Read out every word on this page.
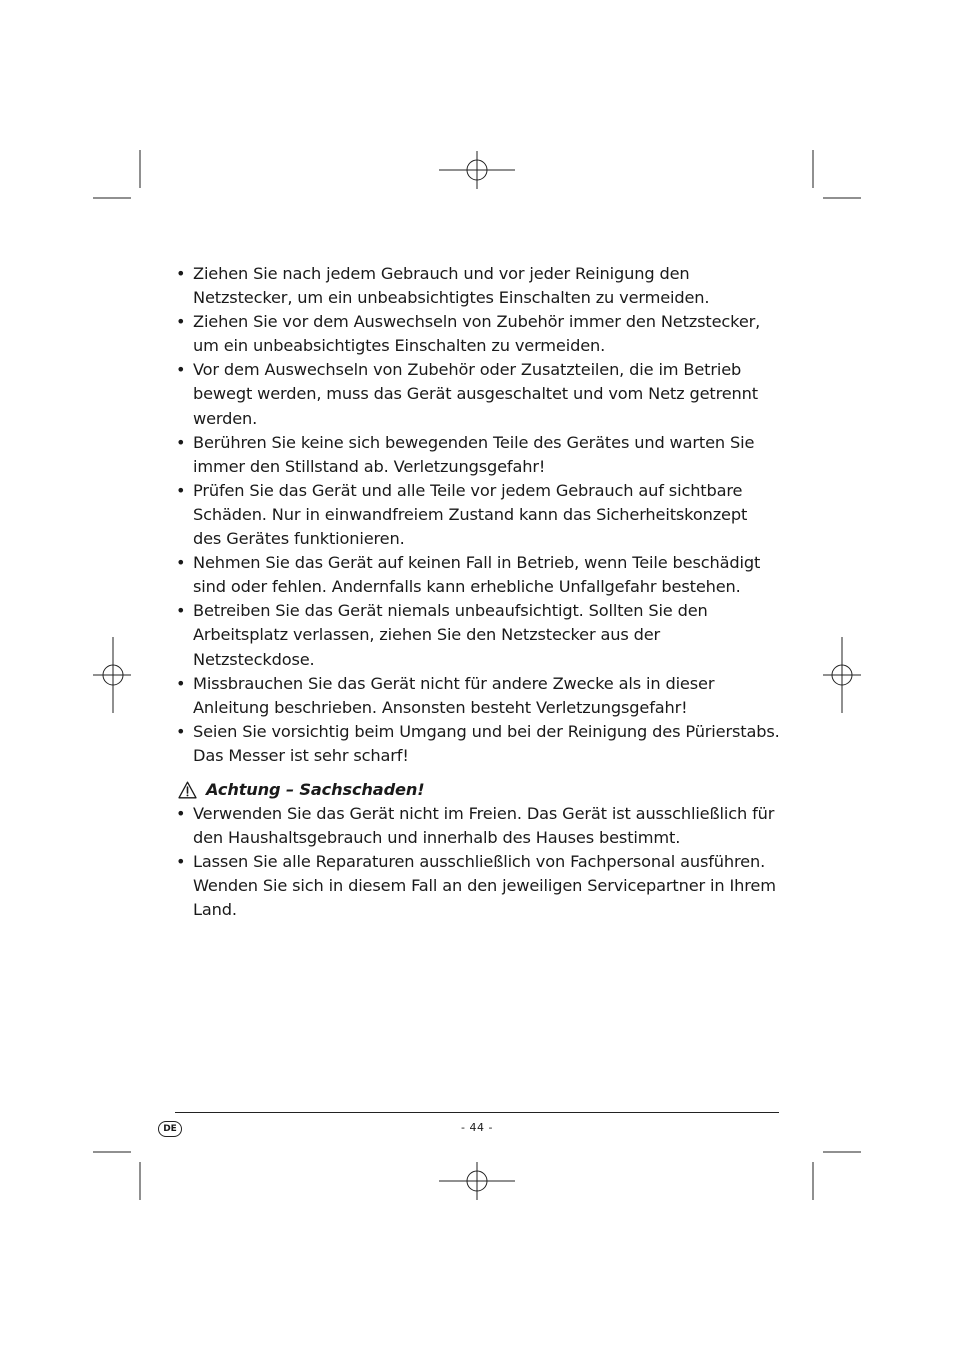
• Ziehen Sie nach jedem Gebrauch und vor jeder Reinigung den Netzstecker, um ein unbeabsichtigtes Einschalten zu vermeiden.
• Ziehen Sie vor dem Auswechseln von Zubehör immer den Netzstecker, um ein unbeabsichtigtes Einschalten zu vermeiden.
• Vor dem Auswechseln von Zubehör oder Zusatzteilen, die im Betrieb bewegt werden, muss das Gerät ausgeschaltet und vom Netz getrennt werden.
• Berühren Sie keine sich bewegenden Teile des Gerätes und warten Sie immer den Stillstand ab. Verletzungsgefahr!
• Prüfen Sie das Gerät und alle Teile vor jedem Gebrauch auf sichtbare Schäden. Nur in einwandfreiem Zustand kann das Sicherheitskonzept des Gerätes funktionieren.
• Nehmen Sie das Gerät auf keinen Fall in Betrieb, wenn Teile beschädigt sind oder fehlen. Andernfalls kann erhebliche Unfallgefahr bestehen.
• Betreiben Sie das Gerät niemals unbeaufsichtigt. Sollten Sie den Arbeitsplatz verlassen, ziehen Sie den Netzstecker aus der Netzsteckdose.
• Missbrauchen Sie das Gerät nicht für andere Zwecke als in dieser Anleitung beschrieben. Ansonsten besteht Verletzungsgefahr!
• Seien Sie vorsichtig beim Umgang und bei der Reinigung des Pürierstabs. Das Messer ist sehr scharf!
Achtung – Sachschaden!
• Verwenden Sie das Gerät nicht im Freien. Das Gerät ist ausschließlich für den Haushaltsgebrauch und innerhalb des Hauses bestimmt.
• Lassen Sie alle Reparaturen ausschließlich von Fachpersonal ausführen. Wenden Sie sich in diesem Fall an den jeweiligen Servicepartner in Ihrem Land.
DE	- 44 -
